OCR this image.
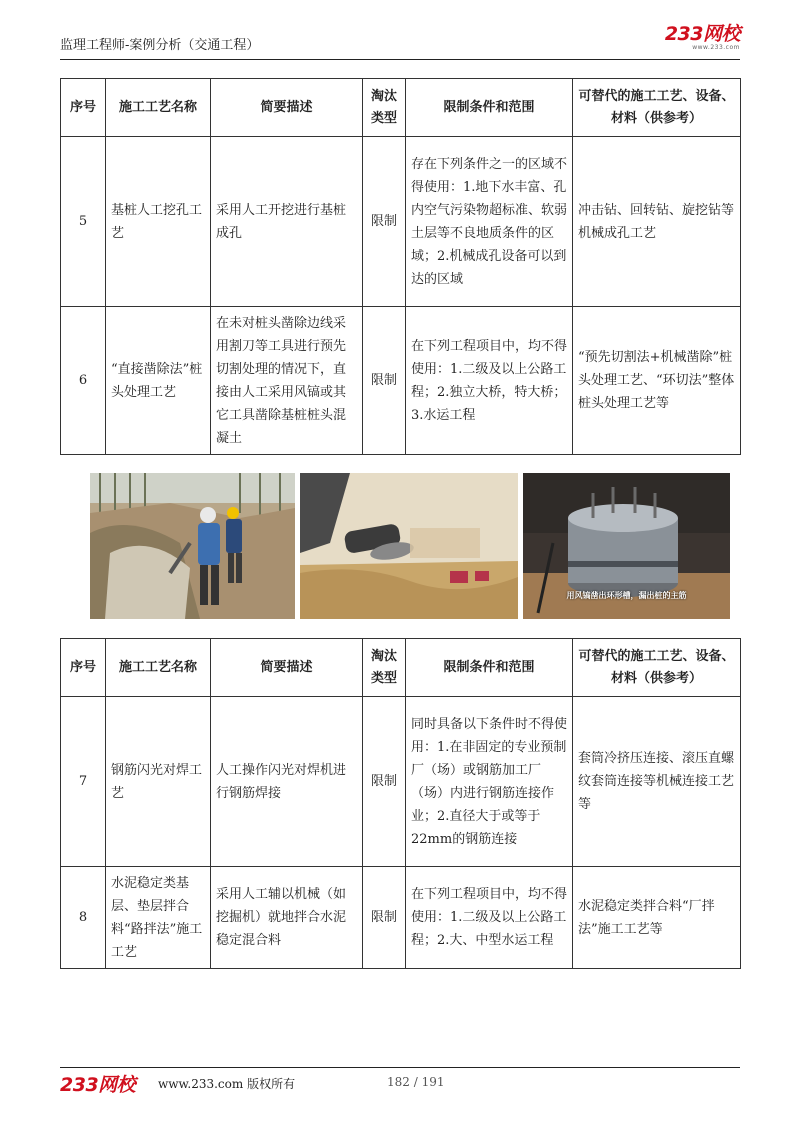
监理工程师-案例分析（交通工程）
233网校
www.233.com
序号	施工工艺名称	简要描述	淘汰类型	限制条件和范围	可替代的施工工艺、设备、材料（供参考）
5	基桩人工挖孔工艺	采用人工开挖进行基桩成孔	限制	存在下列条件之一的区域不得使用：1.地下水丰富、孔内空气污染物超标准、软弱土层等不良地质条件的区域；2.机械成孔设备可以到达的区域	冲击钻、回转钻、旋挖钻等机械成孔工艺
6	“直接凿除法”桩头处理工艺	在未对桩头凿除边线采用割刀等工具进行预先切割处理的情况下，直接由人工采用风镐或其它工具凿除基桩桩头混凝土	限制	在下列工程项目中，均不得使用：1.二级及以上公路工程；2.独立大桥，特大桥；3.水运工程	“预先切割法+机械凿除”桩头处理工艺、“环切法”整体桩头处理工艺等
用风镐凿出环形槽，漏出桩的主筋
序号	施工工艺名称	简要描述	淘汰类型	限制条件和范围	可替代的施工工艺、设备、材料（供参考）
7	钢筋闪光对焊工艺	人工操作闪光对焊机进行钢筋焊接	限制	同时具备以下条件时不得使用：1.在非固定的专业预制厂（场）或钢筋加工厂（场）内进行钢筋连接作业；2.直径大于或等于22mm的钢筋连接	套筒冷挤压连接、滚压直螺纹套筒连接等机械连接工艺等
8	水泥稳定类基层、垫层拌合料“路拌法”施工工艺	采用人工辅以机械（如挖掘机）就地拌合水泥稳定混合料	限制	在下列工程项目中，均不得使用：1.二级及以上公路工程；2.大、中型水运工程	水泥稳定类拌合料“厂拌法”施工工艺等
233网校 www.233.com 版权所有	182 / 191
